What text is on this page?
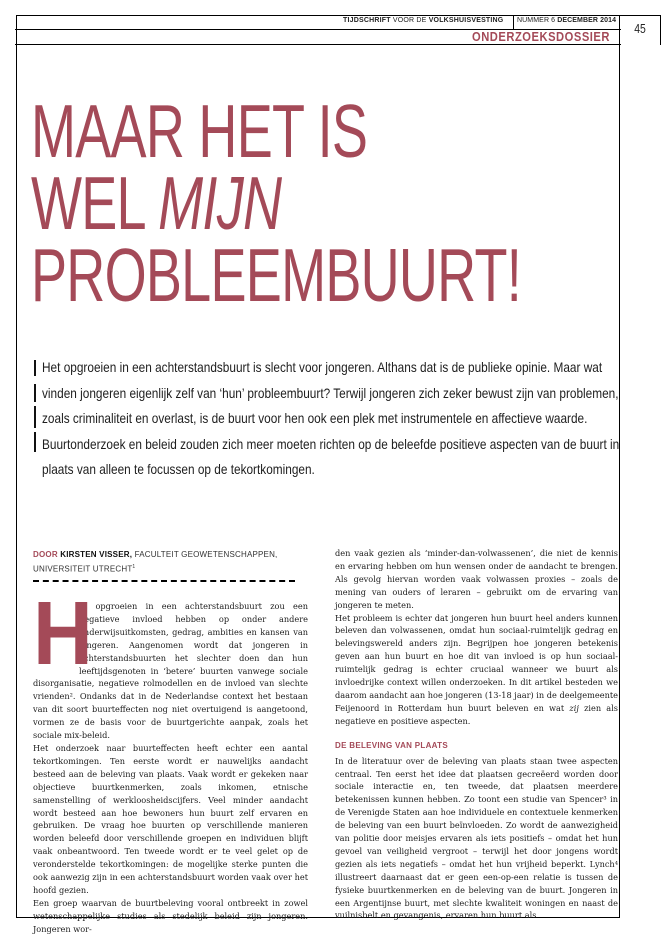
TIJDSCHRIFT VOOR DE VOLKSHUISVESTING NUMMER 6 DECEMBER 2014
ONDERZOEKSDOSSIER
45
MAAR HET IS
WEL MIJN
PROBLEEMBUURT!
Het opgroeien in een achterstandsbuurt is slecht voor jongeren. Althans dat is de publieke opinie. Maar wat vinden jongeren eigenlijk zelf van ‘hun’ probleembuurt? Terwijl jongeren zich zeker bewust zijn van problemen, zoals criminaliteit en overlast, is de buurt voor hen ook een plek met instrumentele en affectieve waarde. Buurtonderzoek en beleid zouden zich meer moeten richten op de beleefde positieve aspecten van de buurt in plaats van alleen te focussen op de tekortkomingen.
DOOR KIRSTEN VISSER, FACULTEIT GEOWETENSCHAPPEN, UNIVERSITEIT UTRECHT$^1$
H

et opgroeien in een achterstandsbuurt zou een negatieve invloed hebben op onder andere onderwijsuitkomsten, gedrag, ambities en kansen van jongeren. Aangenomen wordt dat jongeren in achterstandsbuurten het slechter doen dan hun leeftijdsgenoten in ‘betere’ buurten vanwege sociale disorganisatie, negatieve rolmodellen en de invloed van slechte vrienden². Ondanks dat in de Nederlandse context het bestaan van dit soort buurteffecten nog niet overtuigend is aangetoond, vormen ze de basis voor de buurtgerichte aanpak, zoals het sociale mix-beleid.

Het onderzoek naar buurteffecten heeft echter een aantal tekortkomingen. Ten eerste wordt er nauwelijks aandacht besteed aan de beleving van plaats. Vaak wordt er gekeken naar objectieve buurtkenmerken, zoals inkomen, etnische samenstelling of werkloosheidscijfers. Veel minder aandacht wordt besteed aan hoe bewoners hun buurt zelf ervaren en gebruiken. De vraag hoe buurten op verschillende manieren worden beleefd door verschillende groepen en individuen blijft vaak onbeantwoord. Ten tweede wordt er te veel gelet op de veronderstelde tekortkomingen: de mogelijke sterke punten die ook aanwezig zijn in een achterstandsbuurt worden vaak over het hoofd gezien.

Een groep waarvan de buurtbeleving vooral ontbreekt in zowel wetenschappelijke studies als stedelijk beleid zijn jongeren. Jongeren wor-

den vaak gezien als ‘minder-dan-volwassenen’, die niet de kennis en ervaring hebben om hun wensen onder de aandacht te brengen. Als gevolg hiervan worden vaak volwassen proxies – zoals de mening van ouders of leraren – gebruikt om de ervaring van jongeren te meten.

Het probleem is echter dat jongeren hun buurt heel anders kunnen beleven dan volwassenen, omdat hun sociaal-ruimtelijk gedrag en belevingswereld anders zijn. Begrijpen hoe jongeren betekenis geven aan hun buurt en hoe dit van invloed is op hun sociaal-ruimtelijk gedrag is echter cruciaal wanneer we buurt als invloedrijke context willen onderzoeken. In dit artikel besteden we daarom aandacht aan hoe jongeren (13-18 jaar) in de deelgemeente Feijenoord in Rotterdam hun buurt beleven en wat zij zien als negatieve en positieve aspecten.

DE BELEVING VAN PLAATS

In de literatuur over de beleving van plaats staan twee aspecten centraal. Ten eerst het idee dat plaatsen gecreëerd worden door sociale interactie en, ten tweede, dat plaatsen meerdere betekenissen kunnen hebben. Zo toont een studie van Spencer³ in de Verenigde Staten aan hoe individuele en contextuele kenmerken de beleving van een buurt beïnvloeden. Zo wordt de aanwezigheid van politie door meisjes ervaren als iets positiefs – omdat het hun gevoel van veiligheid vergroot – terwijl het door jongens wordt gezien als iets negatiefs – omdat het hun vrijheid beperkt. Lynch⁴ illustreert daarnaast dat er geen een-op-een relatie is tussen de fysieke buurtkenmerken en de beleving van de buurt. Jongeren in een Argentijnse buurt, met slechte kwaliteit woningen en naast de vuilnisbelt en gevangenis, ervaren hun buurt als
